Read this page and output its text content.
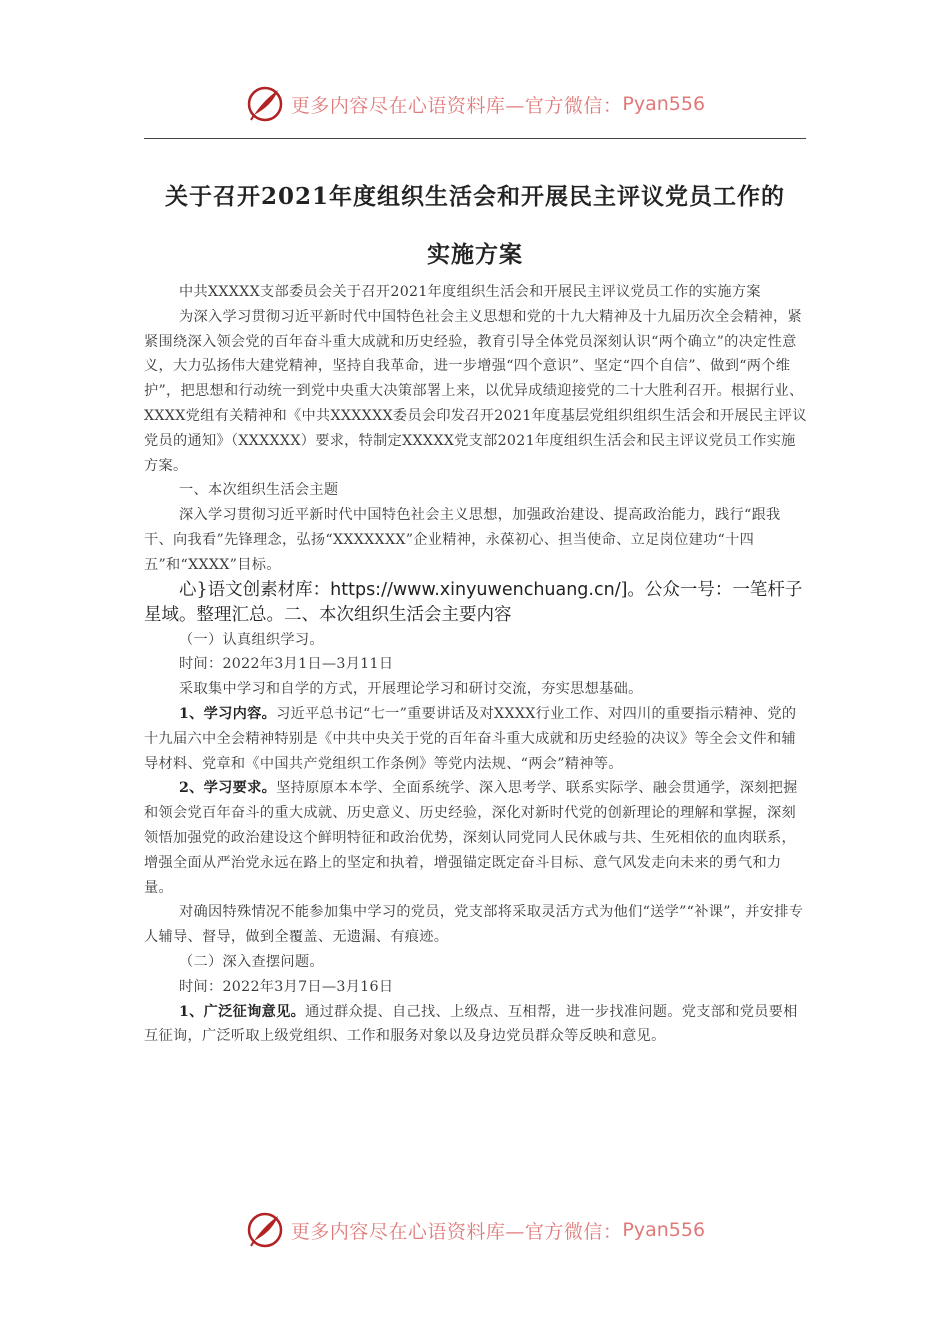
更多内容尽在心语资料库—官方微信： Pyan556
关于召开2021年度组织生活会和开展民主评议党员工作的
实施方案

中共XXXXX支部委员会关于召开2021年度组织生活会和开展民主评议党员工作的实施方案

为深入学习贯彻习近平新时代中国特色社会主义思想和党的十九大精神及十九届历次全会精神，紧紧围绕深入领会党的百年奋斗重大成就和历史经验，教育引导全体党员深刻认识“两个确立”的决定性意义，大力弘扬伟大建党精神，坚持自我革命，进一步增强“四个意识”、坚定“四个自信”、做到“两个维护”，把思想和行动统一到党中央重大决策部署上来，以优异成绩迎接党的二十大胜利召开。根据行业、XXXX党组有关精神和《中共XXXXXX委员会印发召开2021年度基层党组织组织生活会和开展民主评议党员的通知》（XXXXXX）要求，特制定XXXXX党支部2021年度组织生活会和民主评议党员工作实施方案。

一、本次组织生活会主题

深入学习贯彻习近平新时代中国特色社会主义思想，加强政治建设、提高政治能力，践行“跟我干、向我看”先锋理念，弘扬“XXXXXXX”企业精神，永葆初心、担当使命、立足岗位建功“十四五”和“XXXX”目标。

心}语文创素材库：https://www.xinyuwenchuang.cn/]。公众一号：一笔杆子星域。整理汇总。二、本次组织生活会主要内容

（一）认真组织学习。

时间：2022年3月1日—3月11日

采取集中学习和自学的方式，开展理论学习和研讨交流，夯实思想基础。

1、学习内容。习近平总书记“七一”重要讲话及对XXXX行业工作、对四川的重要指示精神、党的十九届六中全会精神特别是《中共中央关于党的百年奋斗重大成就和历史经验的决议》等全会文件和辅导材料、党章和《中国共产党组织工作条例》等党内法规、“两会”精神等。

2、学习要求。坚持原原本本学、全面系统学、深入思考学、联系实际学、融会贯通学，深刻把握和领会党百年奋斗的重大成就、历史意义、历史经验，深化对新时代党的创新理论的理解和掌握，深刻领悟加强党的政治建设这个鲜明特征和政治优势，深刻认同党同人民休戚与共、生死相依的血肉联系，增强全面从严治党永远在路上的坚定和执着，增强锚定既定奋斗目标、意气风发走向未来的勇气和力量。

对确因特殊情况不能参加集中学习的党员，党支部将采取灵活方式为他们“送学”“补课”，并安排专人辅导、督导，做到全覆盖、无遗漏、有痕迹。

（二）深入查摆问题。

时间：2022年3月7日—3月16日

1、广泛征询意见。通过群众提、自己找、上级点、互相帮，进一步找准问题。党支部和党员要相互征询，广泛听取上级党组织、工作和服务对象以及身边党员群众等反映和意见。

更多内容尽在心语资料库—官方微信： Pyan556
